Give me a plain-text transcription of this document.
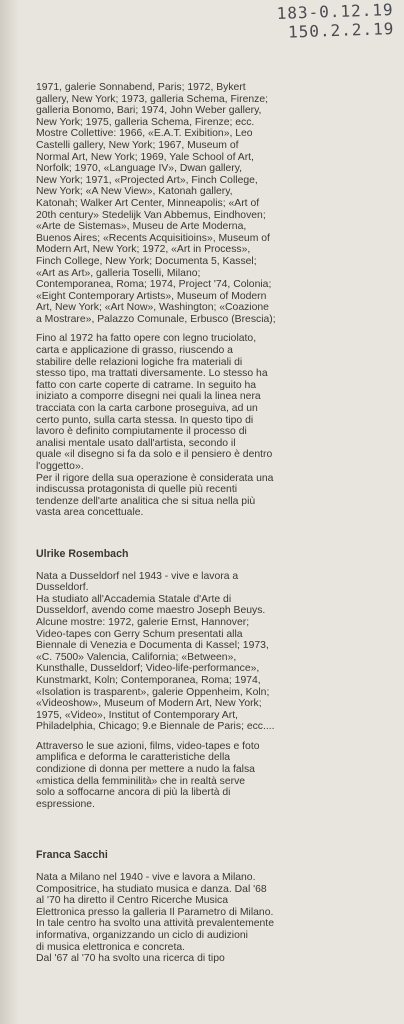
183-0.12.19
150.2.2.19

1971, galerie Sonnabend, Paris; 1972, Bykert
gallery, New York; 1973, galleria Schema, Firenze;
galleria Bonomo, Bari; 1974, John Weber gallery,
New York; 1975, galleria Schema, Firenze; ecc.
Mostre Collettive: 1966, «E.A.T. Exibition», Leo
Castelli gallery, New York; 1967, Museum of
Normal Art, New York; 1969, Yale School of Art,
Norfolk; 1970, «Language IV», Dwan gallery,
New York; 1971, «Projected Art», Finch College,
New York; «A New View», Katonah gallery,
Katonah; Walker Art Center, Minneapolis; «Art of
20th century» Stedelijk Van Abbemus, Eindhoven;
«Arte de Sistemas», Museu de Arte Moderna,
Buenos Aires; «Recents Acquisitioins», Museum of
Modern Art, New York; 1972, «Art in Process»,
Finch College, New York; Documenta 5, Kassel;
«Art as Art», galleria Toselli, Milano;
Contemporanea, Roma; 1974, Project '74, Colonia;
«Eight Contemporary Artists», Museum of Modern
Art, New York; «Art Now», Washington; «Coazione
a Mostrare», Palazzo Comunale, Erbusco (Brescia);

Fino al 1972 ha fatto opere con legno truciolato,
carta e applicazione di grasso, riuscendo a
stabilire delle relazioni logiche fra materiali di
stesso tipo, ma trattati diversamente. Lo stesso ha
fatto con carte coperte di catrame. In seguito ha
iniziato a comporre disegni nei quali la linea nera
tracciata con la carta carbone proseguiva, ad un
certo punto, sulla carta stessa. In questo tipo di
lavoro è definito compiutamente il processo di
analisi mentale usato dall'artista, secondo il
quale «il disegno si fa da solo e il pensiero è dentro
l'oggetto».
Per il rigore della sua operazione è considerata una
indiscussa protagonista di quelle più recenti
tendenze dell'arte analitica che si situa nella più
vasta area concettuale.

Ulrike Rosembach

Nata a Dusseldorf nel 1943 - vive e lavora a
Dusseldorf.
Ha studiato all'Accademia Statale d'Arte di
Dusseldorf, avendo come maestro Joseph Beuys.
Alcune mostre: 1972, galerie Ernst, Hannover;
Video-tapes con Gerry Schum presentati alla
Biennale di Venezia e Documenta di Kassel; 1973,
«C. 7500» Valencia, California; «Between»,
Kunsthalle, Dusseldorf; Video-life-performance»,
Kunstmarkt, Koln; Contemporanea, Roma; 1974,
«Isolation is trasparent», galerie Oppenheim, Koln;
«Videoshow», Museum of Modern Art, New York;
1975, «Video», Institut of Contemporary Art,
Philadelphia, Chicago; 9.e Biennale de Paris; ecc....

Attraverso le sue azioni, films, video-tapes e foto
amplifica e deforma le caratteristiche della
condizione di donna per mettere a nudo la falsa
«mistica della femminilità» che in realtà serve
solo a soffocarne ancora di più la libertà di
espressione.

Franca Sacchi

Nata a Milano nel 1940 - vive e lavora a Milano.
Compositrice, ha studiato musica e danza. Dal '68
al '70 ha diretto il Centro Ricerche Musica
Elettronica presso la galleria Il Parametro di Milano.
In tale centro ha svolto una attività prevalentemente
informativa, organizzando un ciclo di audizioni
di musica elettronica e concreta.
Dal '67 al '70 ha svolto una ricerca di tipo
